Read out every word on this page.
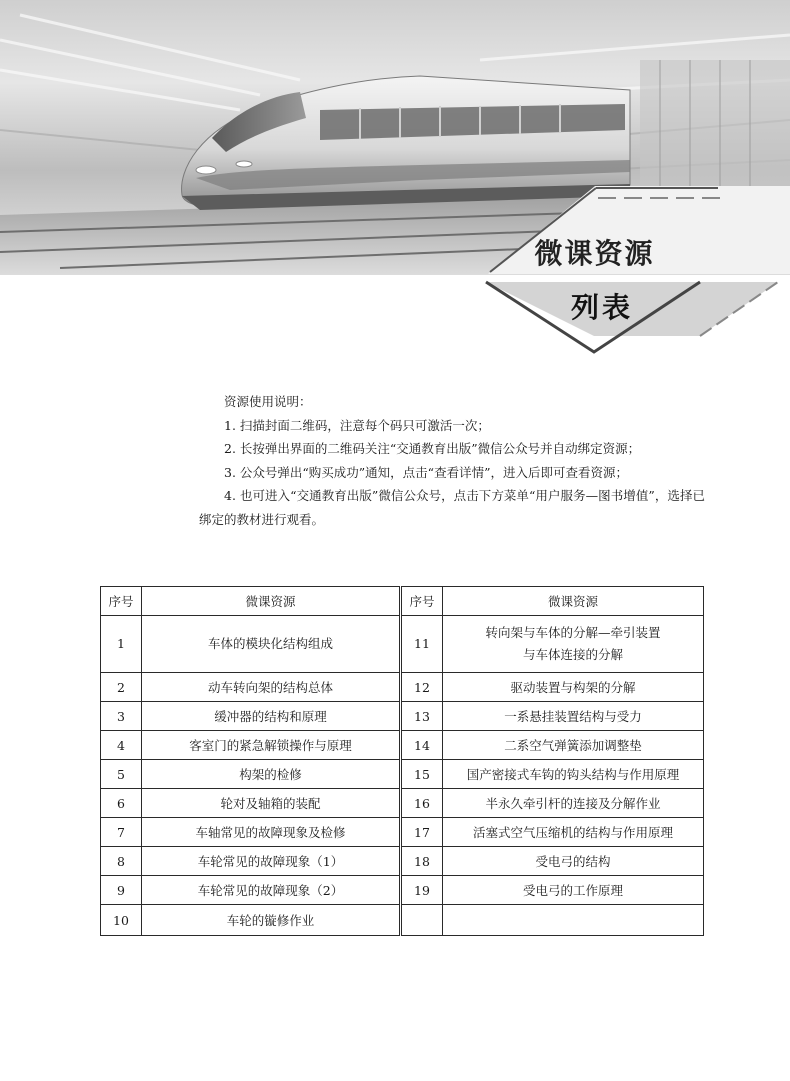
微课资源
列表

资源使用说明：

1. 扫描封面二维码，注意每个码只可激活一次；

2. 长按弹出界面的二维码关注“交通教育出版”微信公众号并自动绑定资源；

3. 公众号弹出“购买成功”通知，点击“查看详情”，进入后即可查看资源；

4. 也可进入“交通教育出版”微信公众号，点击下方菜单“用户服务—图书增值”，选择已绑定的教材进行观看。

序号	微课资源	序号	微课资源
1	车体的模块化结构组成	11	转向架与车体的分解—牵引装置
与车体连接的分解

2	动车转向架的结构总体	12	驱动装置与构架的分解
3	缓冲器的结构和原理	13	一系悬挂装置结构与受力
4	客室门的紧急解锁操作与原理	14	二系空气弹簧添加调整垫
5	构架的检修	15	国产密接式车钩的钩头结构与作用原理
6	轮对及轴箱的装配	16	半永久牵引杆的连接及分解作业
7	车轴常见的故障现象及检修	17	活塞式空气压缩机的结构与作用原理
8	车轮常见的故障现象（1）	18	受电弓的结构
9	车轮常见的故障现象（2）	19	受电弓的工作原理
10	车轮的镟修作业		
